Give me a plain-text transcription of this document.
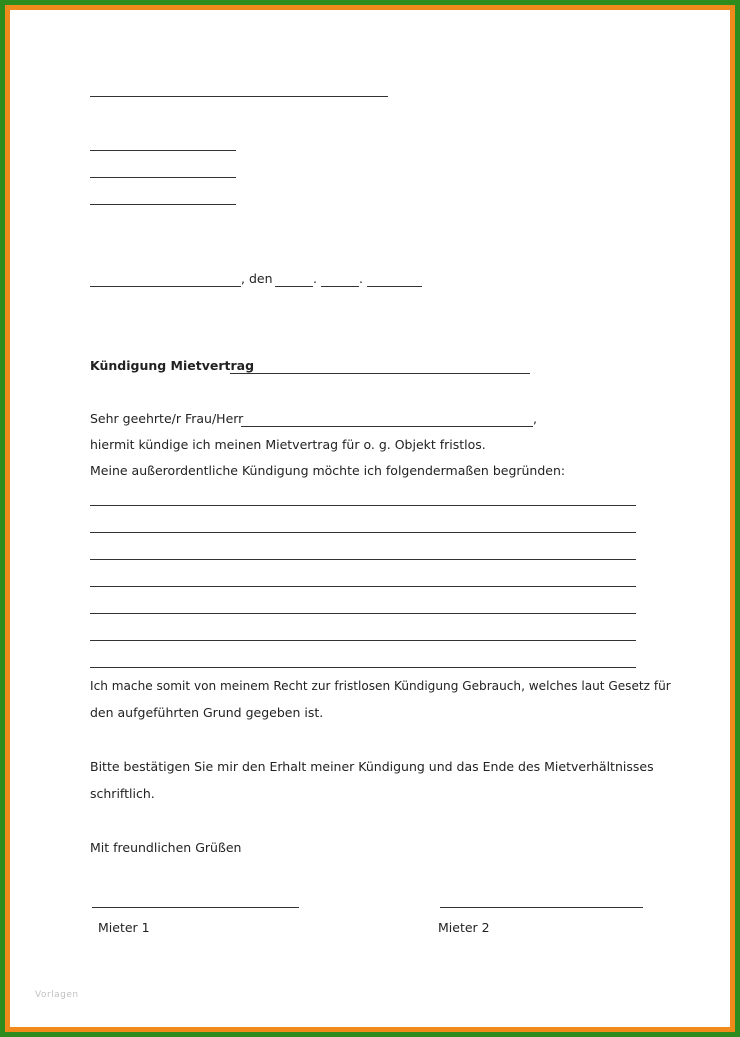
, den	.	.
Kündigung Mietvertrag
Sehr geehrte/r Frau/Herr	,
hiermit kündige ich meinen Mietvertrag für o. g. Objekt fristlos.
Meine außerordentliche Kündigung möchte ich folgendermaßen begründen:
Ich mache somit von meinem Recht zur fristlosen Kündigung Gebrauch, welches laut Gesetz für
den aufgeführten Grund gegeben ist.
Bitte bestätigen Sie mir den Erhalt meiner Kündigung und das Ende des Mietverhältnisses
schriftlich.
Mit freundlichen Grüßen
Mieter 1	Mieter 2
Vorlagen
